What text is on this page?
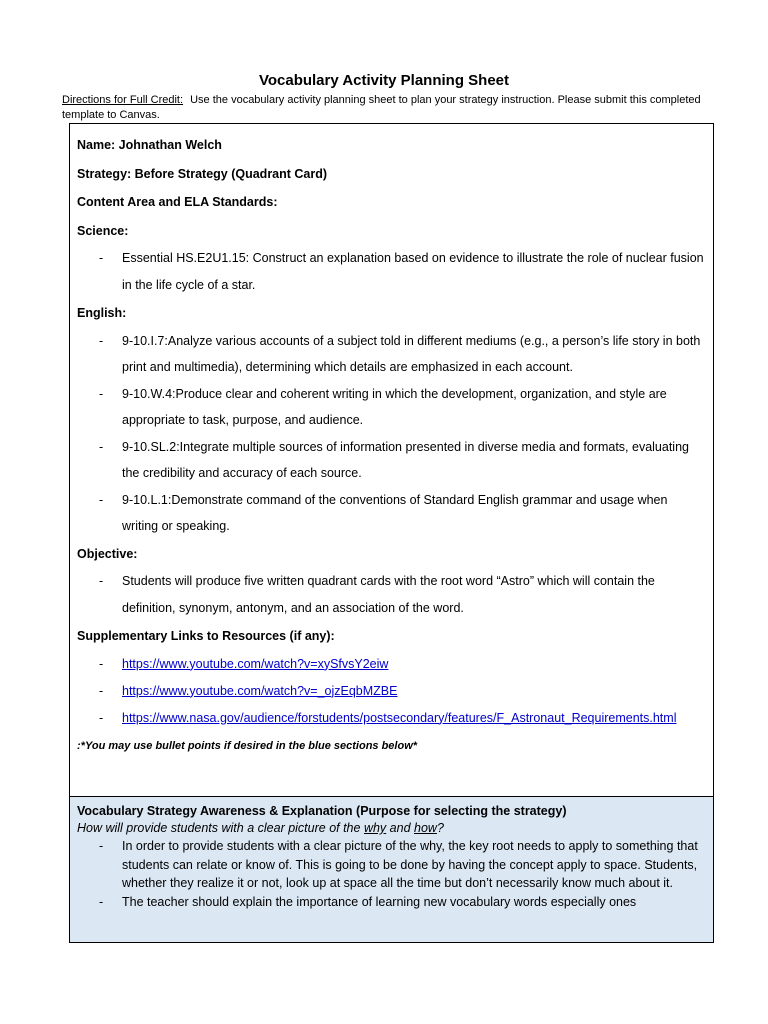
Vocabulary Activity Planning Sheet
Directions for Full Credit: Use the vocabulary activity planning sheet to plan your strategy instruction. Please submit this completed template to Canvas.
Name: Johnathan Welch
Strategy: Before Strategy (Quadrant Card)
Content Area and ELA Standards:
Science:
-	Essential HS.E2U1.15: Construct an explanation based on evidence to illustrate the role of nuclear fusion in the life cycle of a star.
English:
-	9-10.I.7:Analyze various accounts of a subject told in different mediums (e.g., a person’s life story in both print and multimedia), determining which details are emphasized in each account.
-	9-10.W.4:Produce clear and coherent writing in which the development, organization, and style are appropriate to task, purpose, and audience.
-	9-10.SL.2:Integrate multiple sources of information presented in diverse media and formats, evaluating the credibility and accuracy of each source.
-	9-10.L.1:Demonstrate command of the conventions of Standard English grammar and usage when writing or speaking.
Objective:
-	Students will produce five written quadrant cards with the root word “Astro” which will contain the definition, synonym, antonym, and an association of the word.
Supplementary Links to Resources (if any):
-	https://www.youtube.com/watch?v=xySfvsY2eiw
-	https://www.youtube.com/watch?v=_ojzEqbMZBE
-	https://www.nasa.gov/audience/forstudents/postsecondary/features/F_Astronaut_Requirements.html
:*You may use bullet points if desired in the blue sections below*
Vocabulary Strategy Awareness & Explanation (Purpose for selecting the strategy)
How will provide students with a clear picture of the why and how?
-	In order to provide students with a clear picture of the why, the key root needs to apply to something that students can relate or know of. This is going to be done by having the concept apply to space. Students, whether they realize it or not, look up at space all the time but don’t necessarily know much about it.
-	The teacher should explain the importance of learning new vocabulary words especially ones
